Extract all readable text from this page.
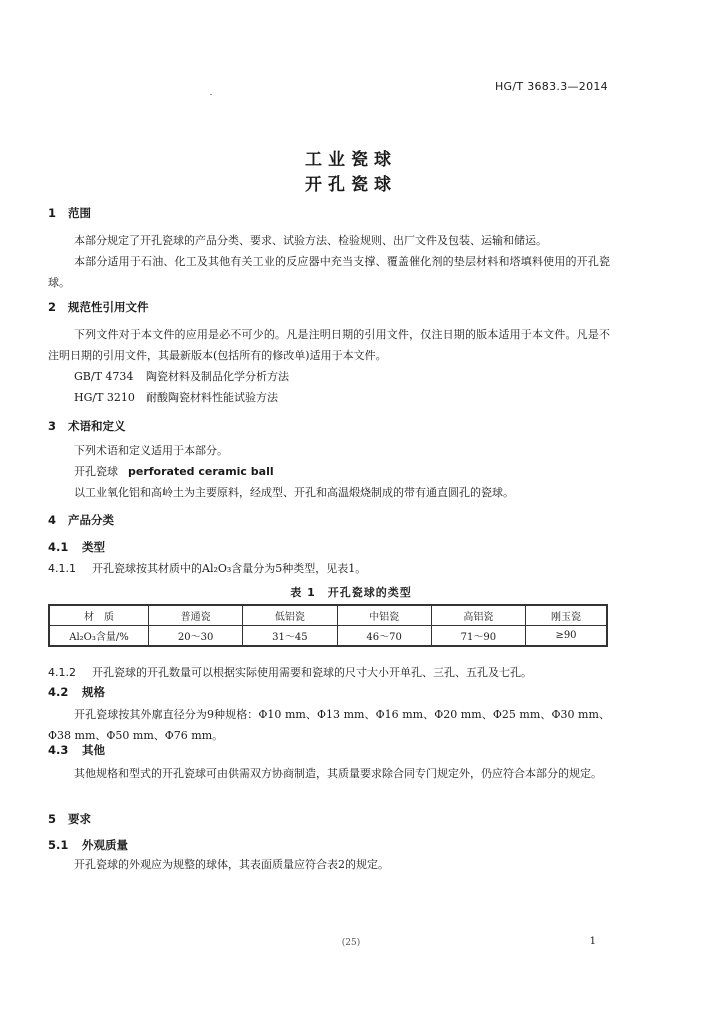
HG/T 3683.3—2014
工业瓷球
开孔瓷球
1 范围
本部分规定了开孔瓷球的产品分类、要求、试验方法、检验规则、出厂文件及包装、运输和储运。
本部分适用于石油、化工及其他有关工业的反应器中充当支撑、覆盖催化剂的垫层材料和塔填料使用的开孔瓷球。
2 规范性引用文件
下列文件对于本文件的应用是必不可少的。凡是注明日期的引用文件，仅注日期的版本适用于本文件。凡是不注明日期的引用文件，其最新版本(包括所有的修改单)适用于本文件。
GB/T 4734 陶瓷材料及制品化学分析方法
HG/T 3210 耐酸陶瓷材料性能试验方法
3 术语和定义
下列术语和定义适用于本部分。
开孔瓷球 perforated ceramic ball
以工业氧化铝和高岭土为主要原料，经成型、开孔和高温煅烧制成的带有通直圆孔的瓷球。
4 产品分类
4.1 类型
4.1.1 开孔瓷球按其材质中的Al₂O₃含量分为5种类型，见表1。
表 1　开孔瓷球的类型
材　质	普通瓷	低铝瓷	中铝瓷	高铝瓷	刚玉瓷
Al₂O₃含量/%	20～30	31～45	46～70	71～90	≥90
4.1.2 开孔瓷球的开孔数量可以根据实际使用需要和瓷球的尺寸大小开单孔、三孔、五孔及七孔。
4.2 规格
开孔瓷球按其外廓直径分为9种规格：Φ10 mm、Φ13 mm、Φ16 mm、Φ20 mm、Φ25 mm、Φ30 mm、Φ38 mm、Φ50 mm、Φ76 mm。
4.3 其他
其他规格和型式的开孔瓷球可由供需双方协商制造，其质量要求除合同专门规定外，仍应符合本部分的规定。
5 要求
5.1 外观质量
开孔瓷球的外观应为规整的球体，其表面质量应符合表2的规定。
(25)	1
